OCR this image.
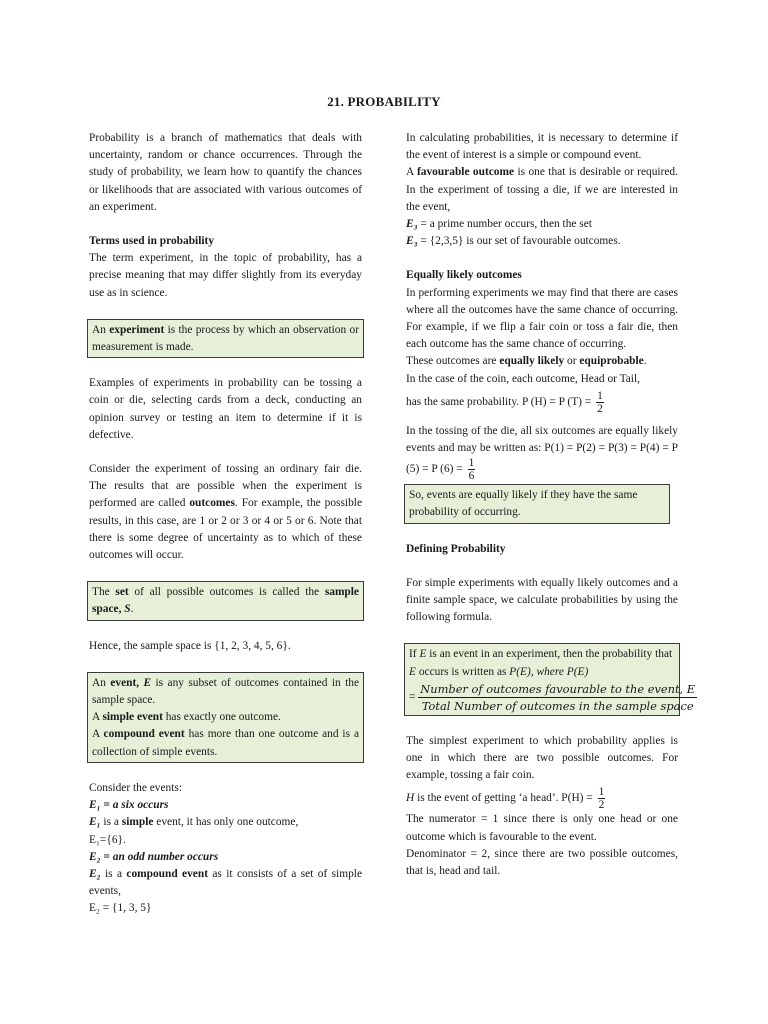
21. PROBABILITY

Probability is a branch of mathematics that deals with uncertainty, random or chance occurrences. Through the study of probability, we learn how to quantify the chances or likelihoods that are associated with various outcomes of an experiment.

Terms used in probability

The term experiment, in the topic of probability, has a precise meaning that may differ slightly from its everyday use as in science.

An experiment is the process by which an observation or measurement is made.

Examples of experiments in probability can be tossing a coin or die, selecting cards from a deck, conducting an opinion survey or testing an item to determine if it is defective.

Consider the experiment of tossing an ordinary fair die. The results that are possible when the experiment is performed are called outcomes. For example, the possible results, in this case, are 1 or 2 or 3 or 4 or 5 or 6. Note that there is some degree of uncertainty as to which of these outcomes will occur.

The set of all possible outcomes is called the sample space, S.

Hence, the sample space is {1, 2, 3, 4, 5, 6}.

An event, E is any subset of outcomes contained in the sample space.

A simple event has exactly one outcome.

A compound event has more than one outcome and is a collection of simple events.

Consider the events:

E₁ = a six occurs

E₁ is a simple event, it has only one outcome,

E₁={6}.

E₂ = an odd number occurs

E₂ is a compound event as it consists of a set of simple events,

E₂ = {1, 3, 5}

In calculating probabilities, it is necessary to determine if the event of interest is a simple or compound event.

A favourable outcome is one that is desirable or required. In the experiment of tossing a die, if we are interested in the event,

E₃ = a prime number occurs, then the set

E₃ = {2,3,5} is our set of favourable outcomes.

Equally likely outcomes

In performing experiments we may find that there are cases where all the outcomes have the same chance of occurring. For example, if we flip a fair coin or toss a fair die, then each outcome has the same chance of occurring.

These outcomes are equally likely or equiprobable.

In the case of the coin, each outcome, Head or Tail,

has the same probability. P (H) = P $(T) = \frac{1}{2}$

In the tossing of the die, all six outcomes are equally likely events and may be written as: P(1) = P(2) = P(3) = P(4) = P (5) = P $(6) = \frac{1}{6}$

So, events are equally likely if they have the same probability of occurring.

Defining Probability

For simple experiments with equally likely outcomes and a finite sample space, we calculate probabilities by using the following formula.

If E is an event in an experiment, then the probability that

E occurs is written as P(E), where P(E)

= $\frac{\text{Number of outcomes favourable to the event, E}}{\text{Total Number of outcomes in the sample space}}$

The simplest experiment to which probability applies is one in which there are two possible outcomes. For example, tossing a fair coin.

H is the event of getting ‘a head’. $P(H) = \frac{1}{2}$

The numerator = 1 since there is only one head or one outcome which is favourable to the event.

Denominator = 2, since there are two possible outcomes, that is, head and tail.
